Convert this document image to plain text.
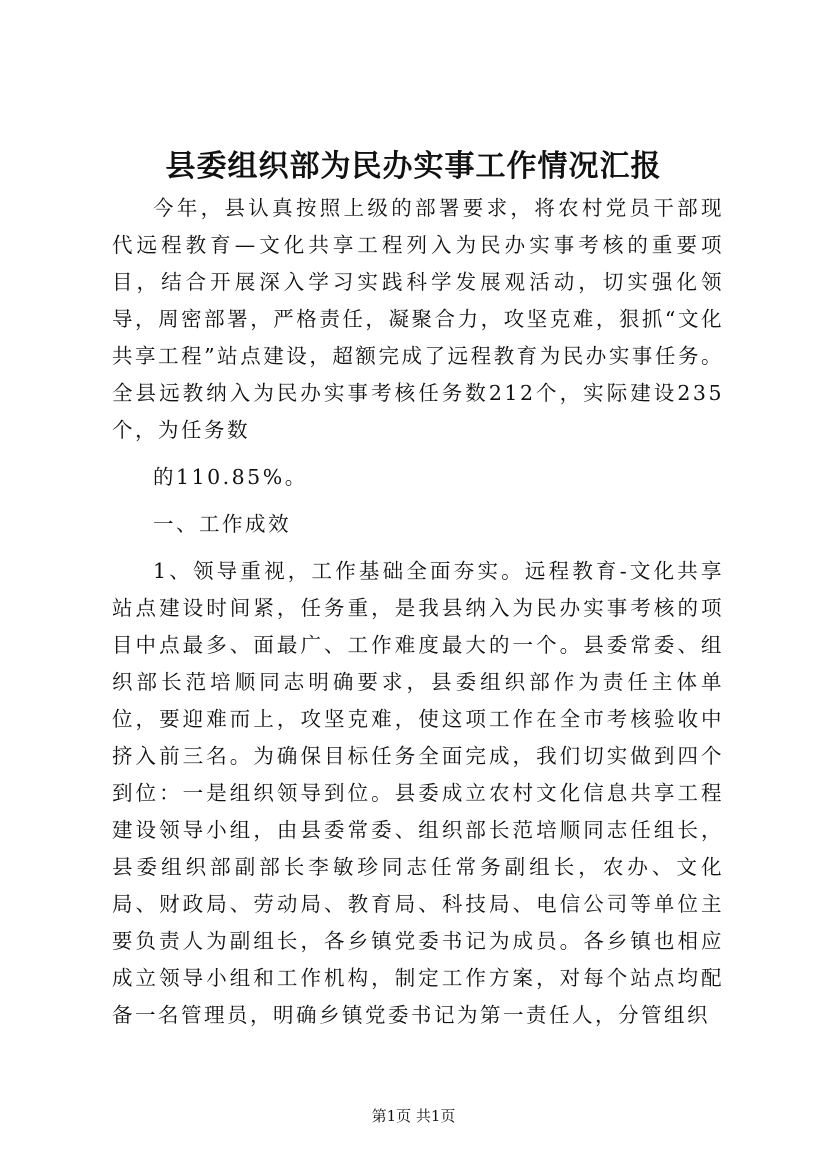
县委组织部为民办实事工作情况汇报

今年，县认真按照上级的部署要求，将农村党员干部现代远程教育—文化共享工程列入为民办实事考核的重要项目，结合开展深入学习实践科学发展观活动，切实强化领导，周密部署，严格责任，凝聚合力，攻坚克难，狠抓“文化共享工程”站点建设，超额完成了远程教育为民办实事任务。全县远教纳入为民办实事考核任务数212个，实际建设235个，为任务数

的110.85%。

一、工作成效

1、领导重视，工作基础全面夯实。远程教育-文化共享站点建设时间紧，任务重，是我县纳入为民办实事考核的项目中点最多、面最广、工作难度最大的一个。县委常委、组织部长范培顺同志明确要求，县委组织部作为责任主体单位，要迎难而上，攻坚克难，使这项工作在全市考核验收中挤入前三名。为确保目标任务全面完成，我们切实做到四个到位：一是组织领导到位。县委成立农村文化信息共享工程建设领导小组，由县委常委、组织部长范培顺同志任组长，县委组织部副部长李敏珍同志任常务副组长，农办、文化局、财政局、劳动局、教育局、科技局、电信公司等单位主要负责人为副组长，各乡镇党委书记为成员。各乡镇也相应成立领导小组和工作机构，制定工作方案，对每个站点均配备一名管理员，明确乡镇党委书记为第一责任人，分管组织

第1页 共1页
